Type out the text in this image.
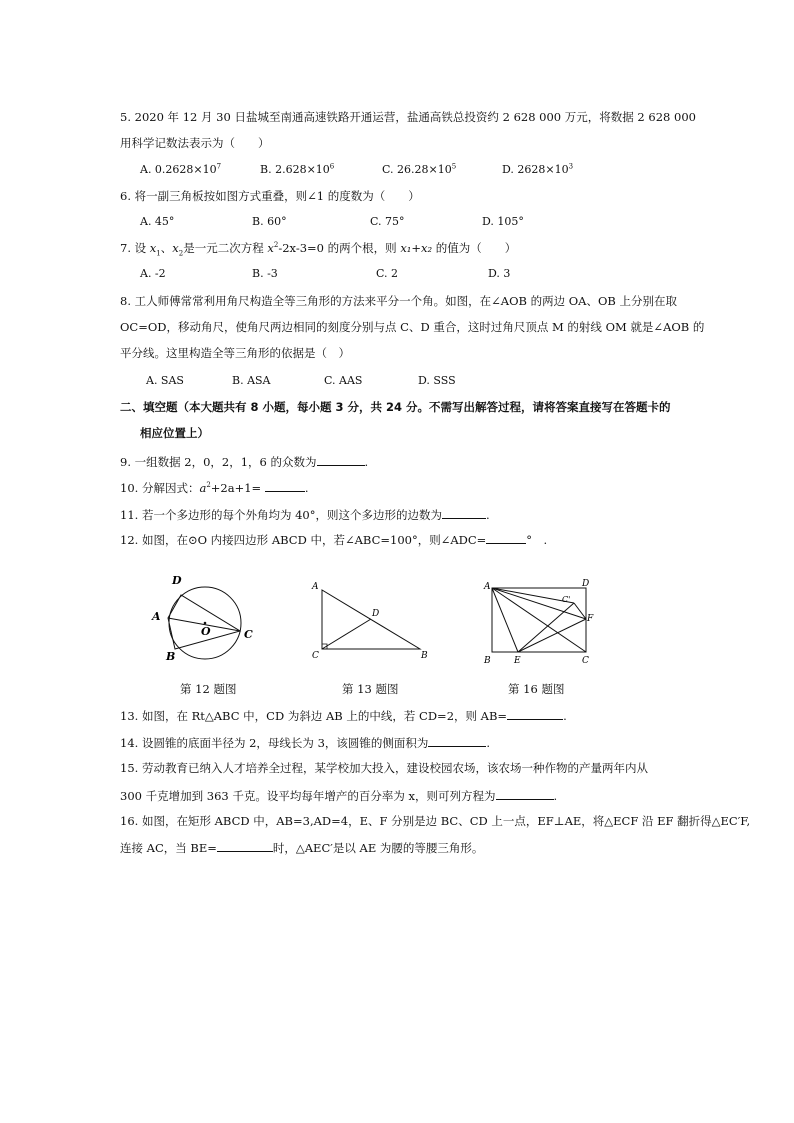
5. 2020 年 12 月 30 日盐城至南通高速铁路开通运营，盐通高铁总投资约 2 628 000 万元，将数据 2 628 000
用科学记数法表示为（　　）
A. $0.2628\times 10^7$	B. $2.628\times 10^6$	C. $26.28\times 10^5$	D. $2628\times 10^3$
6. 将一副三角板按如图方式重叠，则∠1 的度数为（　　）
A. 45°	B. 60°	C. 75°	D. 105°
7. 设 $x_1$、$x_2$是一元二次方程 $x^2-2x-3=0$ 的两个根，则 x₁+x₂ 的值为（　　）
A. -2	B. -3	C. 2	D. 3
8. 工人师傅常常利用角尺构造全等三角形的方法来平分一个角。如图，在∠AOB 的两边 OA、OB 上分别在取
OC=OD，移动角尺，使角尺两边相同的刻度分别与点 C、D 重合，这时过角尺顶点 M 的射线 OM 就是∠AOB 的
平分线。这里构造全等三角形的依据是（　）
A. SAS	B. ASA	C. AAS	D. SSS
二、填空题（本大题共有 8 小题，每小题 3 分，共 24 分。不需写出解答过程，请将答案直接写在答题卡的
相应位置上）
9. 一组数据 2，0，2，1，6 的众数为	.
10. 分解因式：$a^2+2a+1=$	.
11. 若一个多边形的每个外角均为 40°，则这个多边形的边数为	.
12. 如图，在⊙O 内接四边形 ABCD 中，若∠ABC=100°，则∠ADC=	°　.
D
A
B
C
O
第 12 题图
A
C	B
D
第 13 题图
A	D
B	E	C
F
C'
第 16 题图
13. 如图，在 Rt△ABC 中，CD 为斜边 AB 上的中线，若 CD=2，则 AB=	.
14. 设圆锥的底面半径为 2，母线长为 3，该圆锥的侧面积为	.
15. 劳动教育已纳入人才培养全过程，某学校加大投入，建设校园农场，该农场一种作物的产量两年内从
300 千克增加到 363 千克。设平均每年增产的百分率为 x，则可列方程为	.
16. 如图，在矩形 ABCD 中，AB=3,AD=4，E、F 分别是边 BC、CD 上一点，EF⊥AE，将△ECF 沿 EF 翻折得△EC′F,
连接 AC，当 BE=	时，△AEC′是以 AE 为腰的等腰三角形。
